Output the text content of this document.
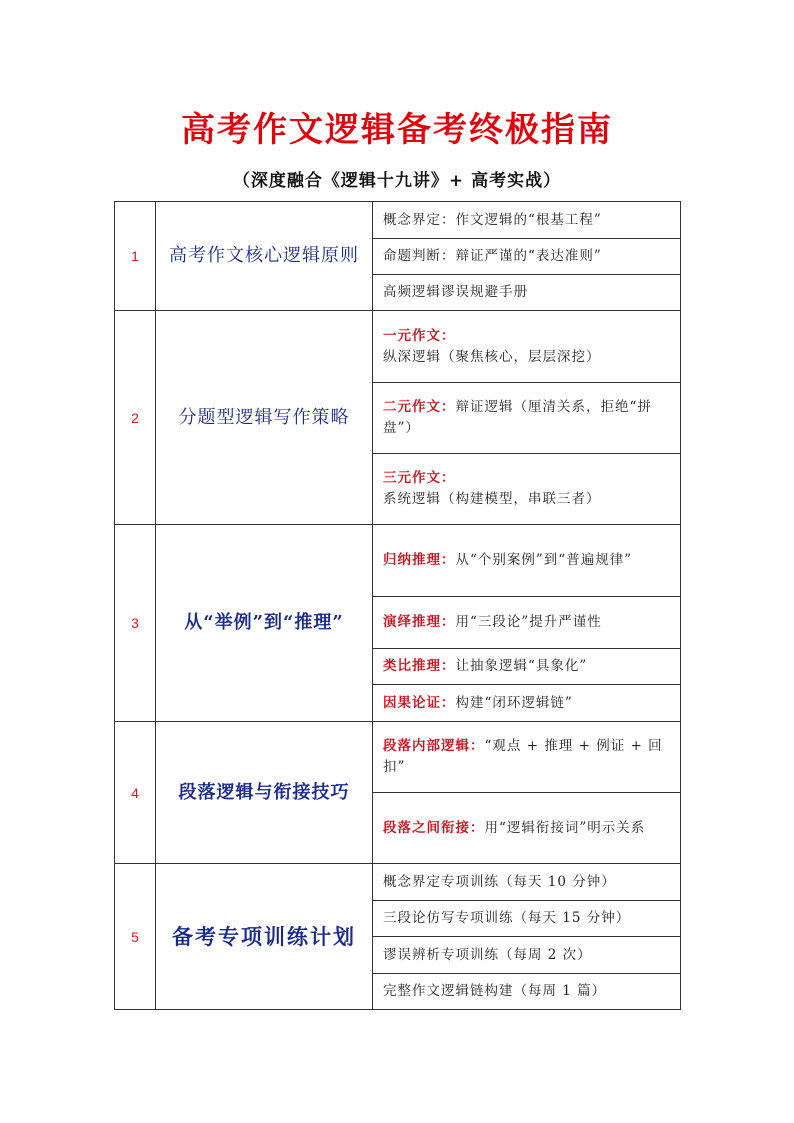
高考作文逻辑备考终极指南
（深度融合《逻辑十九讲》+ 高考实战）
1	高考作文核心逻辑原则	概念界定：作文逻辑的“根基工程”
		命题判断：辩证严谨的“表达准则”
		高频逻辑谬误规避手册
2	分题型逻辑写作策略	一元作文：纵深逻辑（聚焦核心，层层深挖）
		二元作文：辩证逻辑（厘清关系，拒绝“拼盘”）
		三元作文：系统逻辑（构建模型，串联三者）
3	从“举例”到“推理”	归纳推理：从“个别案例”到“普遍规律”
		演绎推理：用“三段论”提升严谨性
		类比推理：让抽象逻辑“具象化”
		因果论证：构建“闭环逻辑链”
4	段落逻辑与衔接技巧	段落内部逻辑：“观点 + 推理 + 例证 + 回扣”
		段落之间衔接：用“逻辑衔接词”明示关系
5	备考专项训练计划	概念界定专项训练（每天 10 分钟）
		三段论仿写专项训练（每天 15 分钟）
		谬误辨析专项训练（每周 2 次）
		完整作文逻辑链构建（每周 1 篇）
